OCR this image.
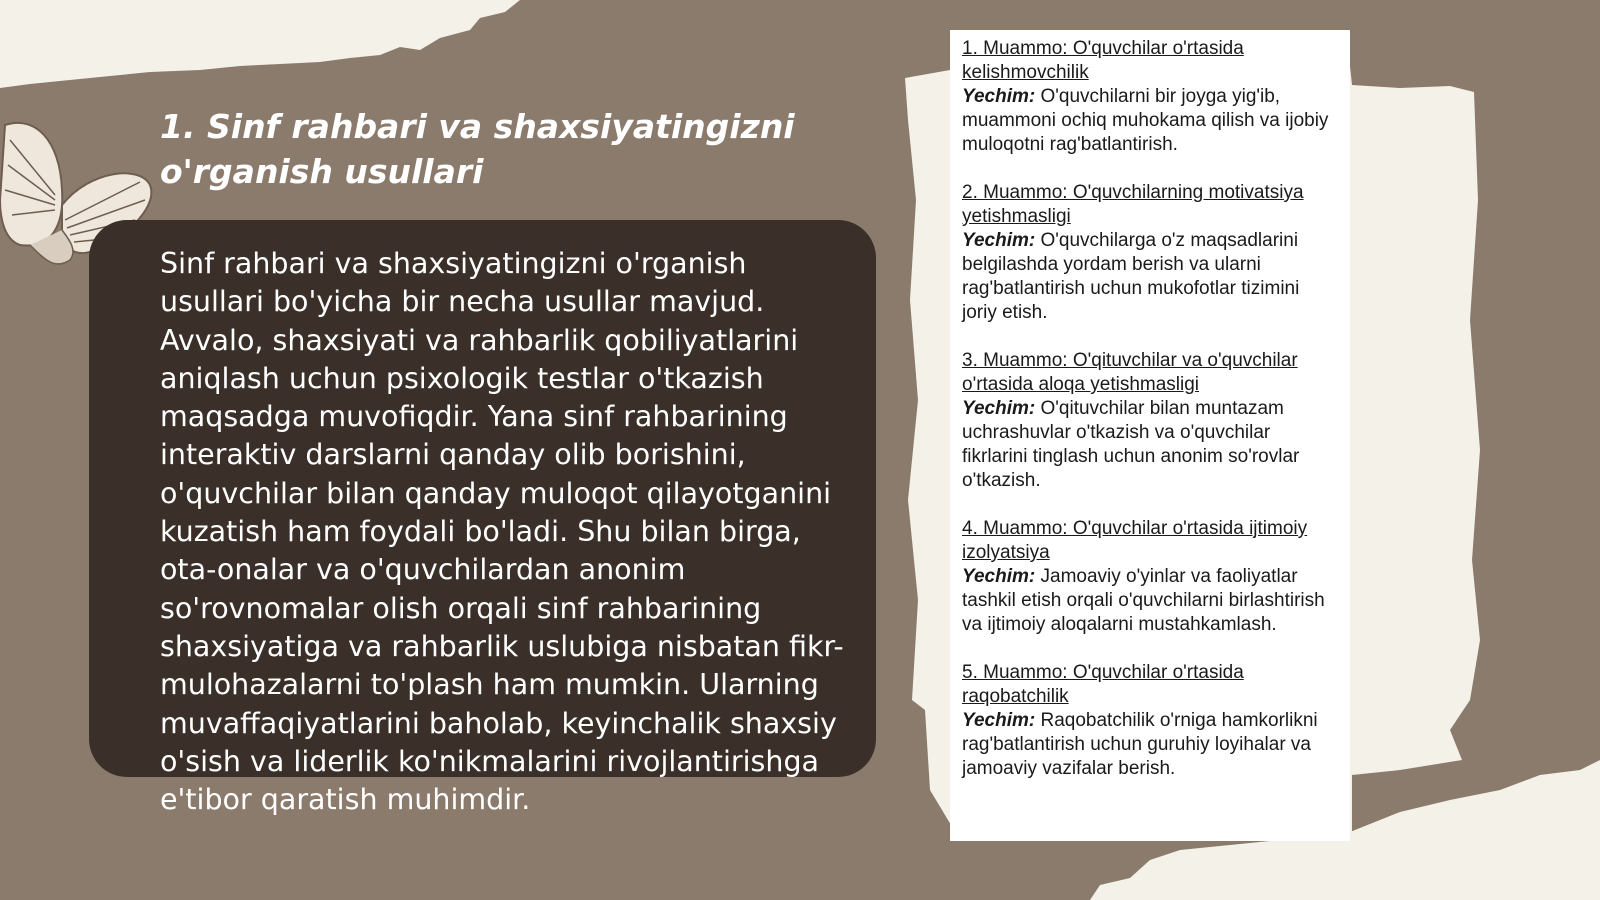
1. Sinf rahbari va shaxsiyatingizni o'rganish usullari

Sinf rahbari va shaxsiyatingizni o'rganish usullari bo'yicha bir necha usullar mavjud. Avvalo, shaxsiyati va rahbarlik qobiliyatlarini aniqlash uchun psixologik testlar o'tkazish maqsadga muvofiqdir. Yana sinf rahbarining interaktiv darslarni qanday olib borishini, o'quvchilar bilan qanday muloqot qilayotganini kuzatish ham foydali bo'ladi. Shu bilan birga, ota-onalar va o'quvchilardan anonim so'rovnomalar olish orqali sinf rahbarining shaxsiyatiga va rahbarlik uslubiga nisbatan fikr-mulohazalarni to'plash ham mumkin. Ularning muvaffaqiyatlarini baholab, keyinchalik shaxsiy o'sish va liderlik ko'nikmalarini rivojlantirishga e'tibor qaratish muhimdir.

1. Muammo: O'quvchilar o'rtasida kelishmovchilik
Yechim: O'quvchilarni bir joyga yig'ib, muammoni ochiq muhokama qilish va ijobiy muloqotni rag'batlantirish.
2. Muammo: O'quvchilarning motivatsiya yetishmasligi
Yechim: O'quvchilarga o'z maqsadlarini belgilashda yordam berish va ularni rag'batlantirish uchun mukofotlar tizimini joriy etish.
3. Muammo: O'qituvchilar va o'quvchilar o'rtasida aloqa yetishmasligi
Yechim: O'qituvchilar bilan muntazam uchrashuvlar o'tkazish va o'quvchilar fikrlarini tinglash uchun anonim so'rovlar o'tkazish.
4. Muammo: O'quvchilar o'rtasida ijtimoiy izolyatsiya
Yechim: Jamoaviy o'yinlar va faoliyatlar tashkil etish orqali o'quvchilarni birlashtirish va ijtimoiy aloqalarni mustahkamlash.
5. Muammo: O'quvchilar o'rtasida raqobatchilik
Yechim: Raqobatchilik o'rniga hamkorlikni rag'batlantirish uchun guruhiy loyihalar va jamoaviy vazifalar berish.
